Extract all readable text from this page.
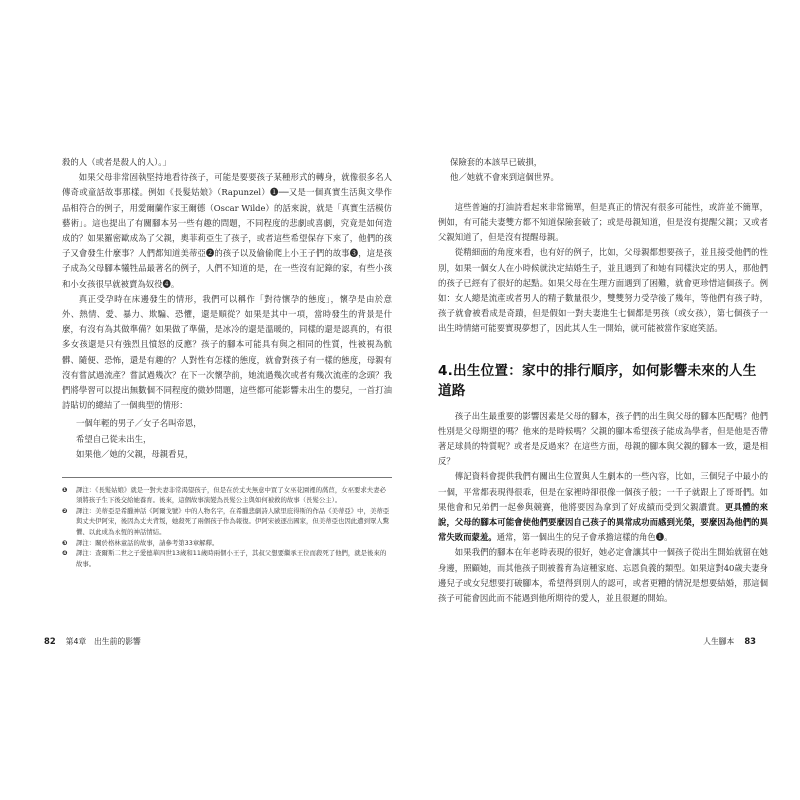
殺的人（或者是殺人的人）。」

如果父母非常固執堅持地看待孩子，可能是要要孩子某種形式的轉身，就像很多名人傳奇或童話故事那樣。例如《長髮姑娘》（Rapunzel）❶──又是一個真實生活與文學作品相符合的例子，用愛爾蘭作家王爾德（Oscar Wilde）的話來說，就是「真實生活模仿藝術」。這也提出了有關腳本另一些有趣的問題，不同程度的悲劇或喜劇，究竟是如何造成的？如果羅密歐成為了父親，奧菲莉亞生了孩子，或者這些希望保存下來了，他們的孩子又會發生什麼事？人們都知道美蒂亞❷的孩子以及偷偷爬上小王子們的故事❸，這是孩子成為父母腳本犧牲品最著名的例子，人們不知道的是，在一些沒有記錄的家，有些小孩和小女孩很早就被賣為奴役❹。

真正受孕時在床邊發生的情形，我們可以稱作「對待懷孕的態度」，懷孕是由於意外、熱情、愛、暴力、欺騙、恐懼，還是順從？如果是其中一項，當時發生的背景是什麼，有沒有為其做準備？如果做了準備，是冰冷的還是溫暖的，同樣的還是認真的，有很多女孩還是只有強烈且憤怒的反應？孩子的腳本可能具有與之相同的性質，性被視為骯髒、隨便、恐怖，還是有趣的？人對性有怎樣的態度，就會對孩子有一樣的態度，母親有沒有嘗試過流產？嘗試過幾次？在下一次懷孕前，她流過幾次或者有幾次流產的念頭？我們將學習可以提出無數個不同程度的微妙問題，這些都可能影響未出生的嬰兒，一首打油詩貼切的總結了一個典型的情形：

一個年輕的男子／女子名叫帝恩，
希望自己從未出生，
如果他／她的父親，母親看見，
❶	譯注：《長髮姑娘》就是一對夫妻非常渴望孩子，但是在於丈夫無意中買了女巫花園裡的萵苣，女巫要求夫妻必須將孩子生下後交給她養育。後來，這個故事演變為長髮公主與如何被救的故事（長髮公主）。
❷	譯注：美蒂亞是希臘神話《阿爾戈號》中的人物名字，在希臘悲劇詩人歐里庇得斯的作品《美蒂亞》中，美蒂亞與丈夫伊阿宋，後因為丈夫背叛，她殺死了兩個孩子作為報復。伊阿宋被逐出國家，但美蒂亞也因此遭到眾人驚懼、以此成為永恆的神話情結。
❸	譯注：關於格林童話的故事，請參考第33章解釋。
❹	譯注：查爾斯二世之子愛德華四世13歲和11歲時兩個小王子，其叔父想要繼承王位而殺死了他們，就是後來的故事。
保險套的本該早已破損，
他／她就不會來到這個世界。

這些普遍的打油詩看起來非常簡單，但是真正的情況有很多可能性，或許並不簡單，例如，有可能夫妻雙方都不知道保險套破了；或是母親知道，但是沒有提醒父親；又或者父親知道了，但是沒有提醒母親。

從精細面的角度來看，也有好的例子，比如，父母親都想要孩子，並且接受他們的性別，如果一個女人在小時候就決定結婚生子，並且遇到了和她有同樣決定的男人，那他們的孩子已經有了很好的起點。如果父母在生理方面遇到了困難，就會更珍惜這個孩子。例如：女人總是流產或者男人的精子數量很少，雙雙努力受孕後了幾年，等他們有孩子時，孩子就會被看成是奇蹟，但是假如一對夫妻進生七個都是男孩（或女孩），第七個孩子一出生時情緒可能要實現夢想了，因此其人生一開始，就可能被當作家庭笑話。

4.出生位置：家中的排行順序，如何影響未來的人生道路

孩子出生最重要的影響因素是父母的腳本，孩子們的出生與父母的腳本匹配嗎？他們性別是父母期望的嗎？他來的是時候嗎？父親的腳本希望孩子能成為學者，但是他是否帶著足球員的特質呢？或者是反過來？在這些方面，母親的腳本與父親的腳本一致，還是相反？

傳記資料會提供我們有關出生位置與人生劇本的一些內容，比如，三個兒子中最小的一個，平常都表現得很乖，但是在家裡時卻很像一個孩子般；一千子就跟上了哥哥們。如果他會和兄弟們一起參與競賽，他將要因為拿到了好成績而受到父親讚賞。更具體的來說，父母的腳本可能會使他們要麼因自己孩子的異常成功而感到光榮，要麼因為他們的異常失敗而蒙羞。通常，第一個出生的兒子會承擔這樣的角色❶。

如果我們的腳本在年老時表現的很好，她必定會讓其中一個孩子從出生開始就留在她身邊，照顧她，而其他孩子則被養育為這種家庭、忘恩負義的類型。如果這對40歲夫妻身邊兒子或女兒想要打破腳本，希望得到別人的認可，或者更糟的情況是想要結婚，那這個孩子可能會因此而不能遇到他所期待的愛人，並且很遲的開始。

82 第4章　出生前的影響	人生腳本 83
